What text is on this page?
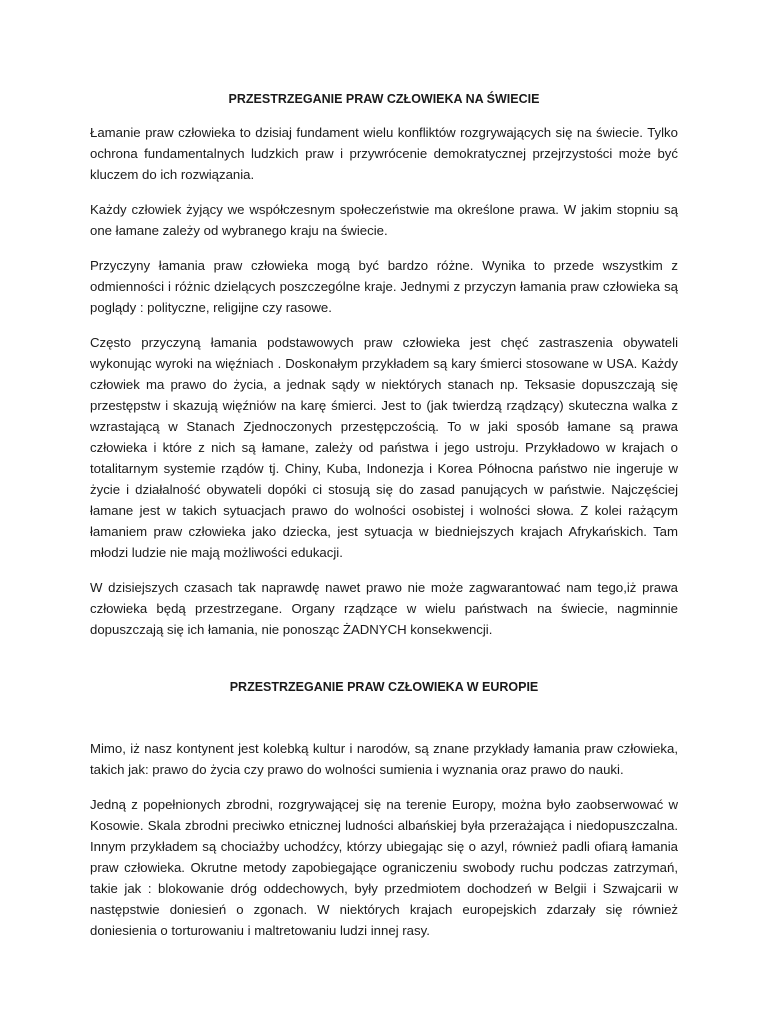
PRZESTRZEGANIE PRAW CZŁOWIEKA NA ŚWIECIE

Łamanie praw człowieka to dzisiaj fundament wielu konfliktów rozgrywających się na świecie. Tylko ochrona fundamentalnych ludzkich praw i przywrócenie demokratycznej przejrzystości może być kluczem do ich rozwiązania.

Każdy człowiek żyjący we współczesnym społeczeństwie ma określone prawa. W jakim stopniu są one łamane zależy od wybranego kraju na świecie.

Przyczyny łamania praw człowieka mogą być bardzo różne. Wynika to przede wszystkim z odmienności i różnic dzielących poszczególne kraje. Jednymi z przyczyn łamania praw człowieka są poglądy : polityczne, religijne czy rasowe.

Często przyczyną łamania podstawowych praw człowieka jest chęć zastraszenia obywateli wykonując wyroki na więźniach . Doskonałym przykładem są kary śmierci stosowane w USA. Każdy człowiek ma prawo do życia, a jednak sądy w niektórych stanach np. Teksasie dopuszczają się przestępstw i skazują więźniów na karę śmierci. Jest to (jak twierdzą rządzący) skuteczna walka z wzrastającą w Stanach Zjednoczonych przestępczością. To w jaki sposób łamane są prawa człowieka i które z nich są łamane, zależy od państwa i jego ustroju. Przykładowo w krajach o totalitarnym systemie rządów tj. Chiny, Kuba, Indonezja i Korea Północna państwo nie ingeruje w życie i działalność obywateli dopóki ci stosują się do zasad panujących w państwie. Najczęściej łamane jest w takich sytuacjach prawo do wolności osobistej i wolności słowa. Z kolei rażącym łamaniem praw człowieka jako dziecka, jest sytuacja w biedniejszych krajach Afrykańskich. Tam młodzi ludzie nie mają możliwości edukacji.

W dzisiejszych czasach tak naprawdę nawet prawo nie może zagwarantować nam tego,iż prawa człowieka będą przestrzegane. Organy rządzące w wielu państwach na świecie, nagminnie dopuszczają się ich łamania, nie ponosząc ŻADNYCH konsekwencji.

PRZESTRZEGANIE PRAW CZŁOWIEKA W EUROPIE

Mimo, iż nasz kontynent jest kolebką kultur i narodów, są znane przykłady łamania praw człowieka, takich jak: prawo do życia czy prawo do wolności sumienia i wyznania oraz prawo do nauki.

Jedną z popełnionych zbrodni, rozgrywającej się na terenie Europy, można było zaobserwować w Kosowie. Skala zbrodni preciwko etnicznej ludności albańskiej była przerażająca i niedopuszczalna. Innym przykładem są chociażby uchodźcy, którzy ubiegając się o azyl, również padli ofiarą łamania praw człowieka. Okrutne metody zapobiegające ograniczeniu swobody ruchu podczas zatrzymań, takie jak : blokowanie dróg oddechowych, były przedmiotem dochodzeń w Belgii i Szwajcarii w następstwie doniesień o zgonach. W niektórych krajach europejskich zdarzały się również doniesienia o torturowaniu i maltretowaniu ludzi innej rasy.
